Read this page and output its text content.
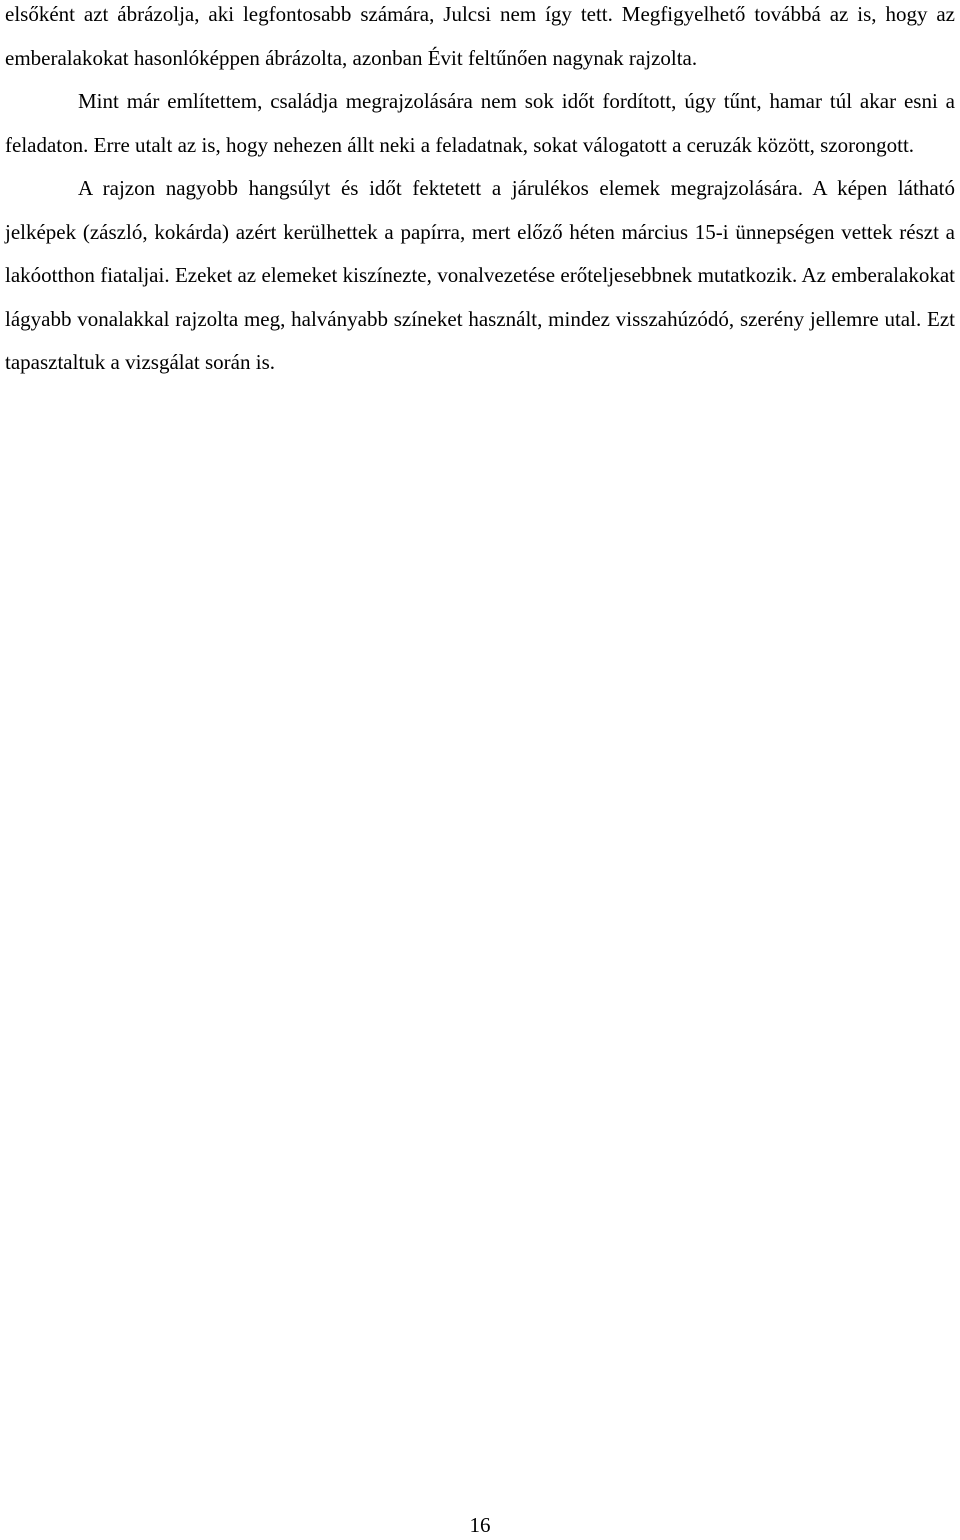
elsőként azt ábrázolja, aki legfontosabb számára, Julcsi nem így tett. Megfigyelhető továbbá az is, hogy az emberalakokat hasonlóképpen ábrázolta, azonban Évit feltűnően nagynak rajzolta.

Mint már említettem, családja megrajzolására nem sok időt fordított, úgy tűnt, hamar túl akar esni a feladaton. Erre utalt az is, hogy nehezen állt neki a feladatnak, sokat válogatott a ceruzák között, szorongott.

A rajzon nagyobb hangsúlyt és időt fektetett a járulékos elemek megrajzolására. A képen látható jelképek (zászló, kokárda) azért kerülhettek a papírra, mert előző héten március 15-i ünnepségen vettek részt a lakóotthon fiataljai. Ezeket az elemeket kiszínezte, vonalvezetése erőteljesebbnek mutatkozik. Az emberalakokat lágyabb vonalakkal rajzolta meg, halványabb színeket használt, mindez visszahúzódó, szerény jellemre utal. Ezt tapasztaltuk a vizsgálat során is.

16
